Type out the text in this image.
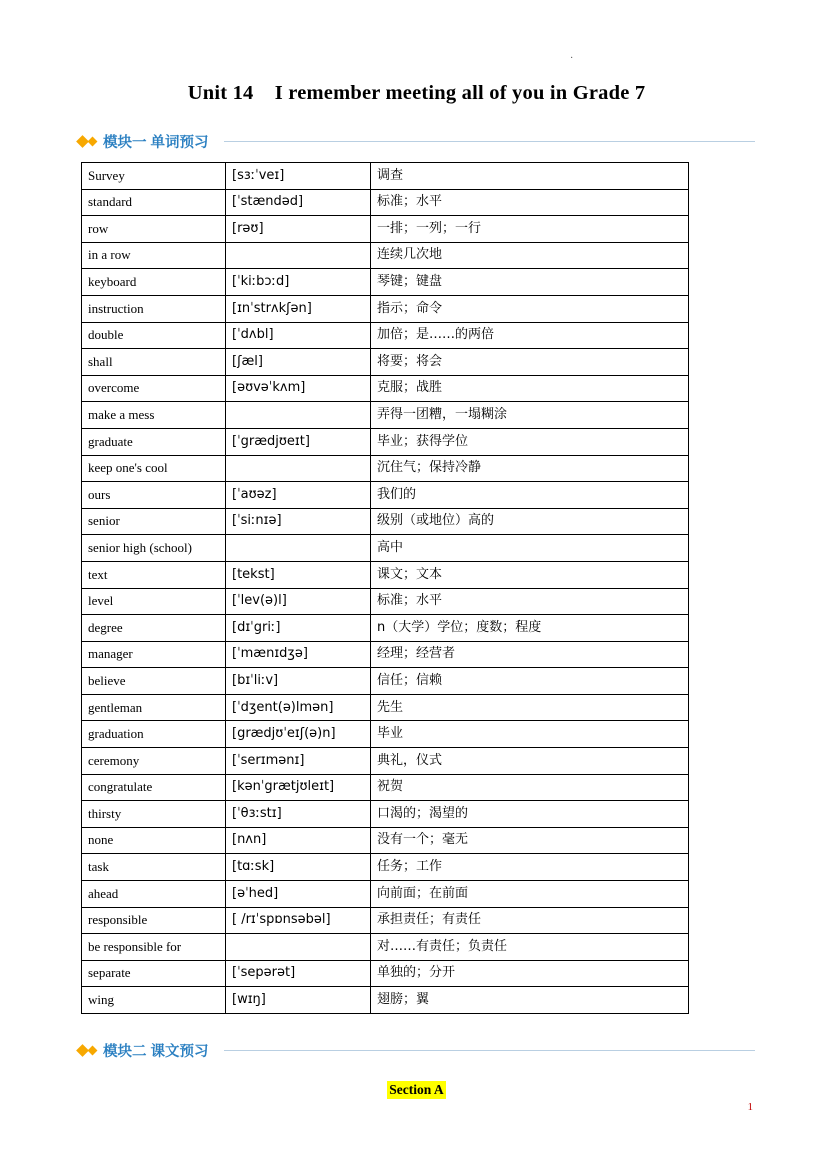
·
Unit 14    I remember meeting all of you in Grade 7
模块一 单词预习
Survey	[sɜːˈveɪ]	调查
standard	[ˈstændəd]	标准；水平
row	[rəʊ]	一排；一列；一行
in a row		连续几次地
keyboard	[ˈkiːbɔːd]	琴键；键盘
instruction	[ɪnˈstrʌkʃən]	指示；命令
double	[ˈdʌbl]	加倍；是……的两倍
shall	[ʃæl]	将要；将会
overcome	[əʊvəˈkʌm]	克服；战胜
make a mess		弄得一团糟，一塌糊涂
graduate	[ˈgrædjʊeɪt]	毕业；获得学位
keep one's cool		沉住气；保持冷静
ours	[ˈaʊəz]	我们的
senior	[ˈsiːnɪə]	级别（或地位）高的
senior high (school)		高中
text	[tekst]	课文；文本
level	[ˈlev(ə)l]	标准；水平
degree	[dɪˈgriː]	n（大学）学位；度数；程度
manager	[ˈmænɪdʒə]	经理；经营者
believe	[bɪˈliːv]	信任；信赖
gentleman	[ˈdʒent(ə)lmən]	先生
graduation	[grædjʊˈeɪʃ(ə)n]	毕业
ceremony	[ˈserɪmənɪ]	典礼，仪式
congratulate	[kənˈgrætjʊleɪt]	祝贺
thirsty	[ˈθɜːstɪ]	口渴的；渴望的
none	[nʌn]	没有一个；毫无
task	[tɑːsk]	任务；工作
ahead	[əˈhed]	向前面；在前面
responsible	[ /rɪˈspɒnsəbəl]	承担责任；有责任
be responsible for		对……有责任；负责任
separate	[ˈsepərət]	单独的；分开
wing	[wɪŋ]	翅膀；翼
模块二 课文预习
Section A
1
